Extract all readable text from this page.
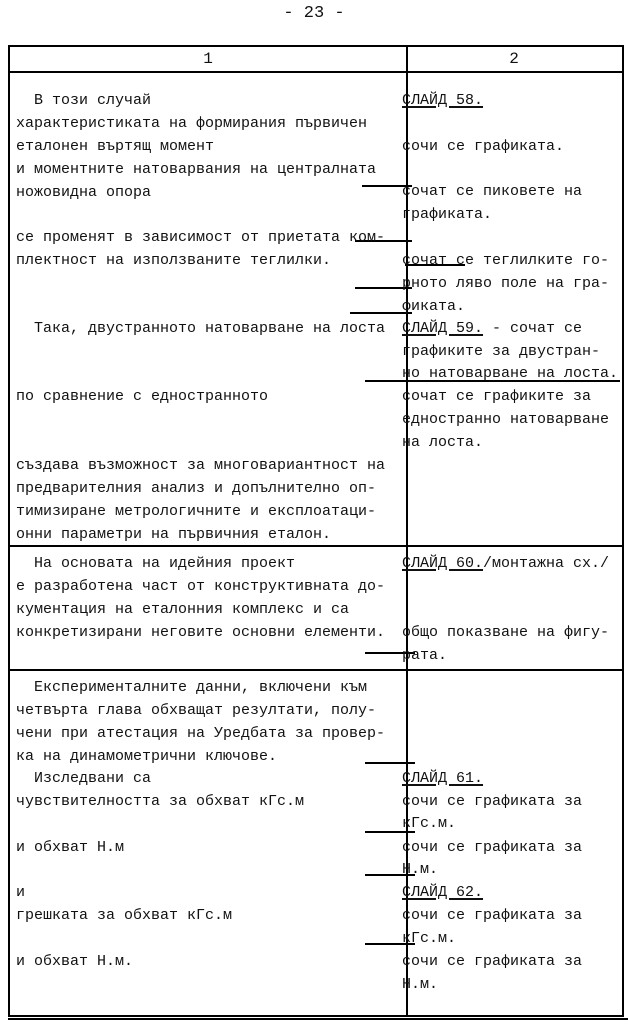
- 23 -
1	2
В този случай
характеристиката на формирания първичен
еталонен въртящ момент
и моментните натоварвания на централната
ножовидна опора
се променят в зависимост от приетата ком-
плектност на използваните теглилки.
Така, двустранното натоварване на лоста
по сравнение с едностранното
създава възможност за многовариантност на
предварителния анализ и допълнително оп-
тимизиране метрологичните и експлоатаци-
онни параметри на първичния еталон.
На основата на идейния проект
е разработена част от конструктивната до-
кументация на еталонния комплекс и са
конкретизирани неговите основни елементи.
Експерименталните данни, включени към
четвърта глава обхващат резултати, полу-
чени при атестация на Уредбата за провер-
ка на динамометрични ключове.
Изследвани са
чувствителността за обхват кГс.м
и обхват Н.м
и
грешката за обхват кГс.м
и обхват Н.м.
СЛАЙД 58.
сочи се графиката.
сочат се пиковете на
графиката.
сочат се теглилките го-
рното ляво поле на гра-
фиката.
СЛАЙД 59. - сочат се
графиките за двустран-
но натоварване на лоста.
сочат се графиките за
едностранно натоварване
на лоста.
СЛАЙД 60./монтажна сх./
общо показване на фигу-
рата.
СЛАЙД 61.
сочи се графиката за
кГс.м.
сочи се графиката за
Н.м.
СЛАЙД 62.
сочи се графиката за
кГс.м.
сочи се графиката за
Н.м.
